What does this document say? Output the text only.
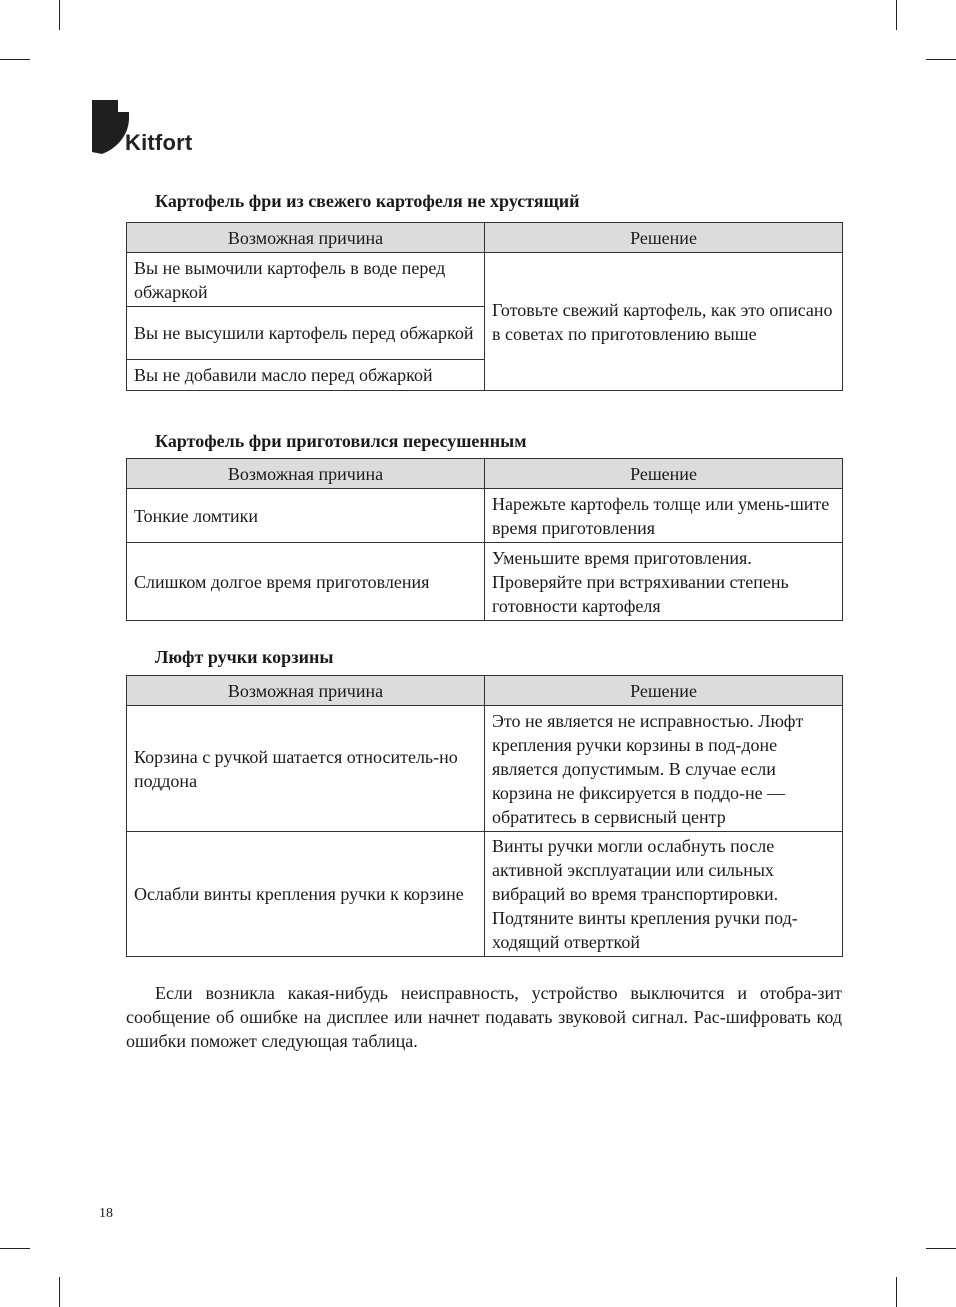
Kitfort
Картофель фри из свежего картофеля не хрустящий
Возможная причина	Решение
Вы не вымочили картофель в воде перед обжаркой	Готовьте свежий картофель, как это описано в советах по приготовлению выше
Вы не высушили картофель перед обжаркой	
Вы не добавили масло перед обжаркой	
Картофель фри приготовился пересушенным
Возможная причина	Решение
Тонкие ломтики	Нарежьте картофель толще или умень-шите время приготовления
Слишком долгое время приготовления	Уменьшите время приготовления. Проверяйте при встряхивании степень готовности картофеля
Люфт ручки корзины
Возможная причина	Решение
Корзина с ручкой шатается относитель-но поддона	Это не является не исправностью. Люфт крепления ручки корзины в под-доне является допустимым. В случае если корзина не фиксируется в поддо-не — обратитесь в сервисный центр
Ослабли винты крепления ручки к корзине	Винты ручки могли ослабнуть после активной эксплуатации или сильных вибраций во время транспортировки. Подтяните винты крепления ручки под-ходящий отверткой
Если возникла какая-нибудь неисправность, устройство выключится и отобра-зит сообщение об ошибке на дисплее или начнет подавать звуковой сигнал. Рас-шифровать код ошибки поможет следующая таблица.
18
